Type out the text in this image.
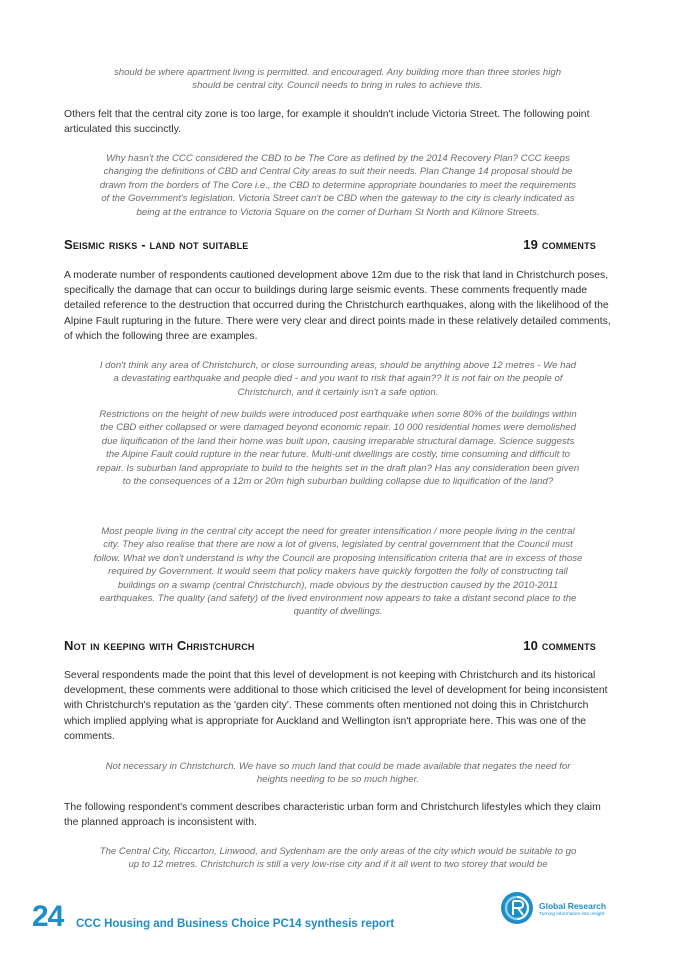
should be where apartment living is permitted. and encouraged. Any building more than three stories high should be central city. Council needs to bring in rules to achieve this.

Others felt that the central city zone is too large, for example it shouldn't include Victoria Street. The following point articulated this succinctly.

Why hasn't the CCC considered the CBD to be The Core as defined by the 2014 Recovery Plan? CCC keeps changing the definitions of CBD and Central City areas to suit their needs. Plan Change 14 proposal should be drawn from the borders of The Core i.e., the CBD to determine appropriate boundaries to meet the requirements of the Government's legislation. Victoria Street can't be CBD when the gateway to the city is clearly indicated as being at the entrance to Victoria Square on the corner of Durham St North and Kilmore Streets.

Seismic risks - land not suitable	19 comments

A moderate number of respondents cautioned development above 12m due to the risk that land in Christchurch poses, specifically the damage that can occur to buildings during large seismic events. These comments frequently made detailed reference to the destruction that occurred during the Christchurch earthquakes, along with the likelihood of the Alpine Fault rupturing in the future. There were very clear and direct points made in these relatively detailed comments, of which the following three are examples.

I don't think any area of Christchurch, or close surrounding areas, should be anything above 12 metres - We had a devastating earthquake and people died - and you want to risk that again?? It is not fair on the people of Christchurch, and it certainly isn't a safe option.

Restrictions on the height of new builds were introduced post earthquake when some 80% of the buildings within the CBD either collapsed or were damaged beyond economic repair. 10 000 residential homes were demolished due liquification of the land their home was built upon, causing irreparable structural damage. Science suggests the Alpine Fault could rupture in the near future. Multi-unit dwellings are costly, time consuming and difficult to repair. Is suburban land appropriate to build to the heights set in the draft plan? Has any consideration been given to the consequences of a 12m or 20m high suburban building collapse due to liquification of the land?

Most people living in the central city accept the need for greater intensification / more people living in the central city. They also realise that there are now a lot of givens, legislated by central government that the Council must follow. What we don't understand is why the Council are proposing intensification criteria that are in excess of those required by Government. It would seem that policy makers have quickly forgotten the folly of constructing tall buildings on a swamp (central Christchurch), made obvious by the destruction caused by the 2010-2011 earthquakes. The quality (and safety) of the lived environment now appears to take a distant second place to the quantity of dwellings.

Not in keeping with Christchurch	10 comments

Several respondents made the point that this level of development is not keeping with Christchurch and its historical development, these comments were additional to those which criticised the level of development for being inconsistent with Christchurch's reputation as the 'garden city'. These comments often mentioned not doing this in Christchurch which implied applying what is appropriate for Auckland and Wellington isn't appropriate here. This was one of the comments.

Not necessary in Christchurch. We have so much land that could be made available that negates the need for heights needing to be so much higher.

The following respondent's comment describes characteristic urban form and Christchurch lifestyles which they claim the planned approach is inconsistent with.

The Central City, Riccarton, Linwood, and Sydenham are the only areas of the city which would be suitable to go up to 12 metres. Christchurch is still a very low-rise city and if it all went to two storey that would be

24 CCC Housing and Business Choice PC14 synthesis report
Global Research
Turning information into insight
